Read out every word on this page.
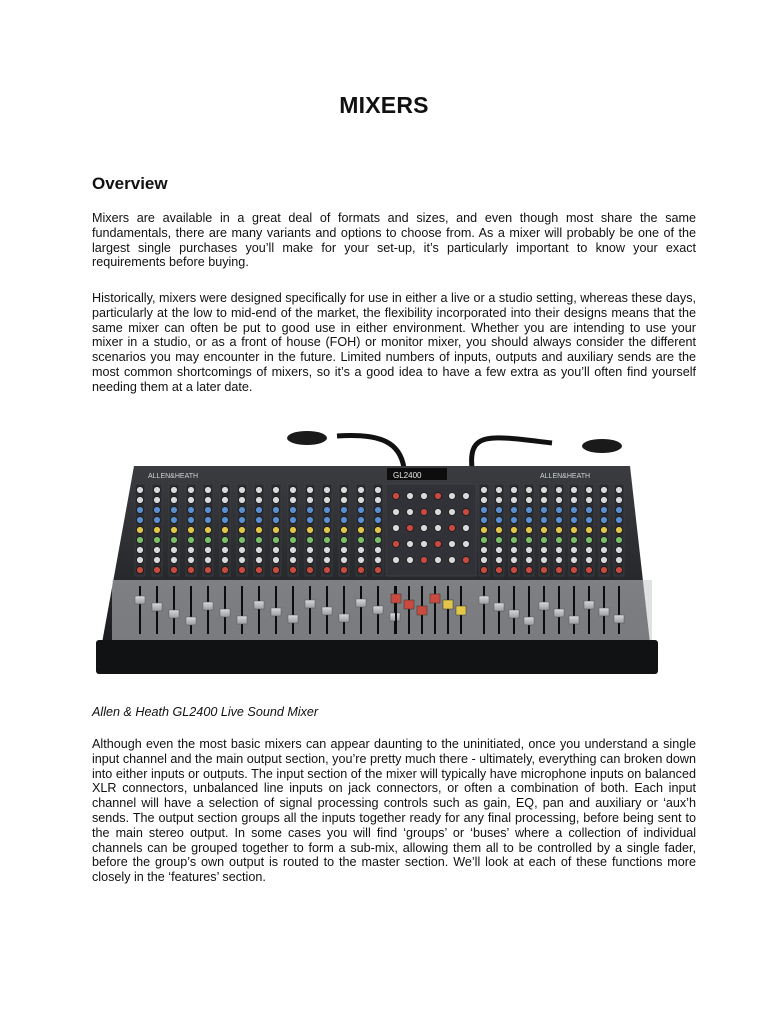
MIXERS
Overview

Mixers are available in a great deal of formats and sizes, and even though most share the same fundamentals, there are many variants and options to choose from. As a mixer will probably be one of the largest single purchases you’ll make for your set-up, it’s particularly important to know your exact requirements before buying.

Historically, mixers were designed specifically for use in either a live or a studio setting, whereas these days, particularly at the low to mid-end of the market, the flexibility incorporated into their designs means that the same mixer can often be put to good use in either environment. Whether you are intending to use your mixer in a studio, or as a front of house (FOH) or monitor mixer, you should always consider the different scenarios you may encounter in the future. Limited numbers of inputs, outputs and auxiliary sends are the most common shortcomings of mixers, so it’s a good idea to have a few extra as you’ll often find yourself needing them at a later date.

ALLEN&HEATH	ALLEN&HEATH
GL2400

Allen & Heath GL2400 Live Sound Mixer

Although even the most basic mixers can appear daunting to the uninitiated, once you understand a single input channel and the main output section, you’re pretty much there - ultimately, everything can broken down into either inputs or outputs. The input section of the mixer will typically have microphone inputs on balanced XLR connectors, unbalanced line inputs on jack connectors, or often a combination of both. Each input channel will have a selection of signal processing controls such as gain, EQ, pan and auxiliary or ‘aux’h sends. The output section groups all the inputs together ready for any final processing, before being sent to the main stereo output. In some cases you will find ‘groups’ or ‘buses’ where a collection of individual channels can be grouped together to form a sub-mix, allowing them all to be controlled by a single fader, before the group’s own output is routed to the master section. We’ll look at each of these functions more closely in the ‘features’ section.
